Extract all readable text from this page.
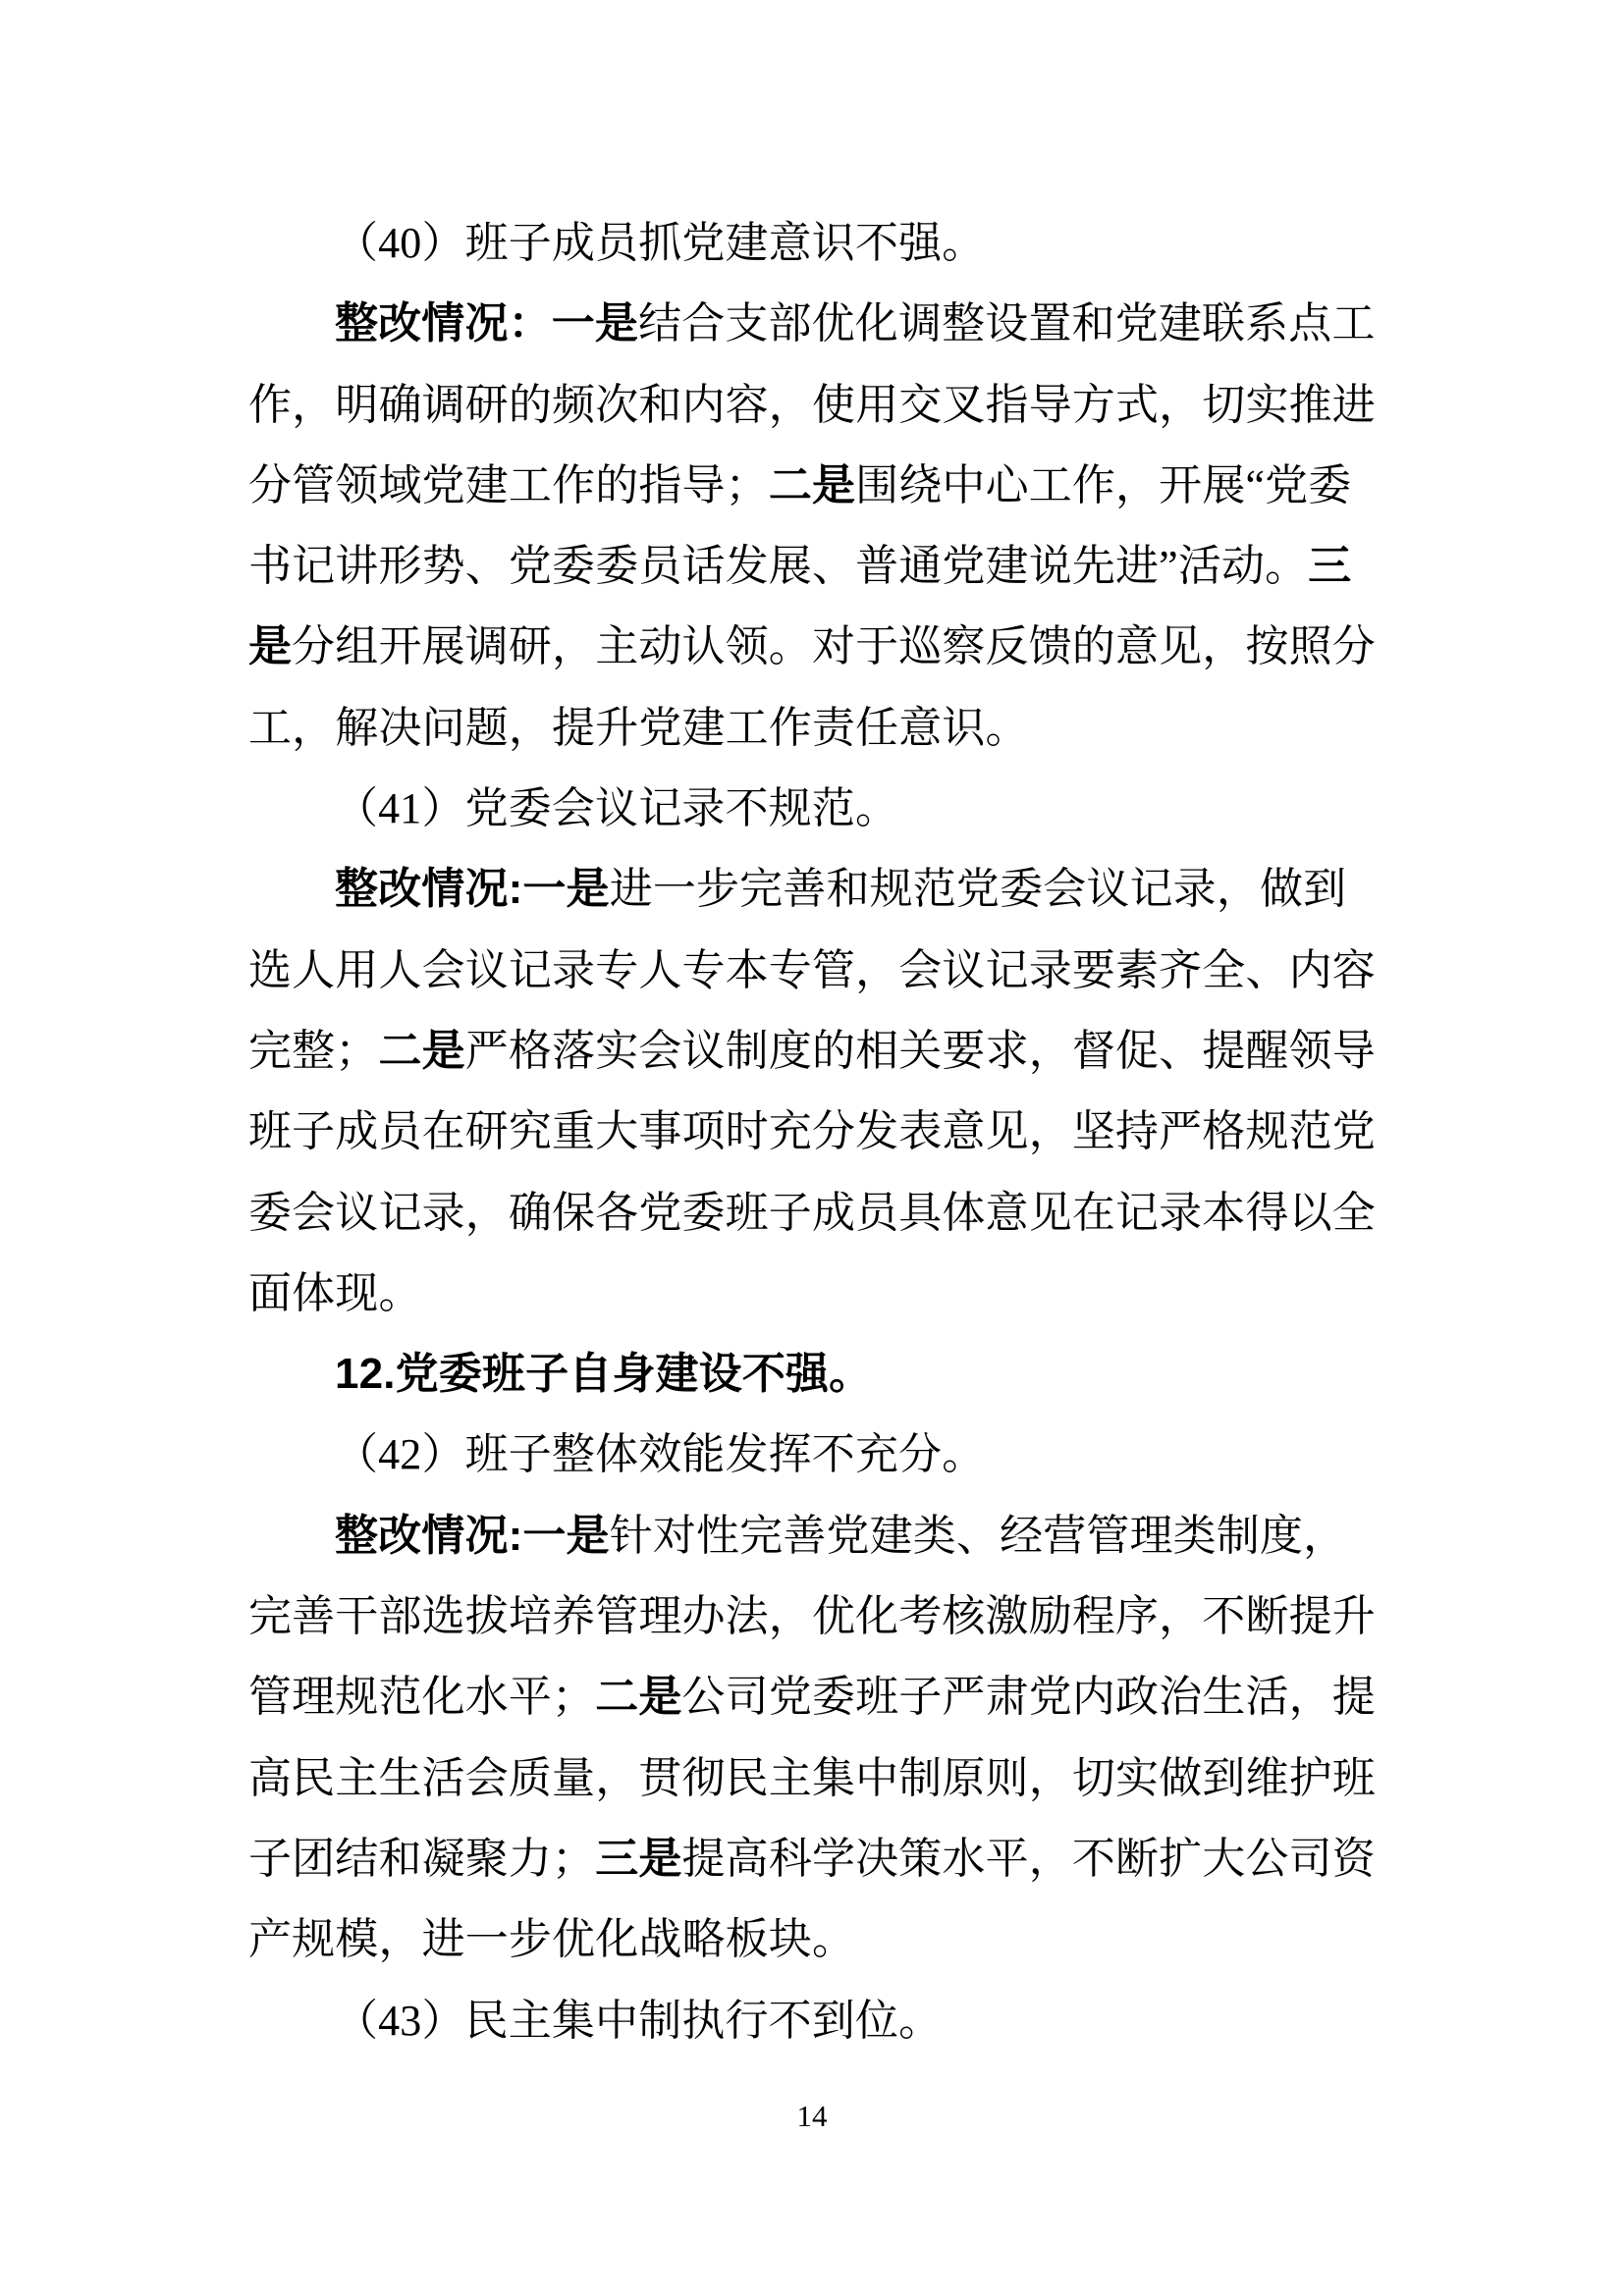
（40）班子成员抓党建意识不强。
整改情况：一是结合支部优化调整设置和党建联系点工
作，明确调研的频次和内容，使用交叉指导方式，切实推进
分管领域党建工作的指导；二是围绕中心工作，开展“党委
书记讲形势、党委委员话发展、普通党建说先进”活动。三
是分组开展调研，主动认领。对于巡察反馈的意见，按照分
工，解决问题，提升党建工作责任意识。
（41）党委会议记录不规范。
整改情况:一是进一步完善和规范党委会议记录，做到
选人用人会议记录专人专本专管，会议记录要素齐全、内容
完整；二是严格落实会议制度的相关要求，督促、提醒领导
班子成员在研究重大事项时充分发表意见，坚持严格规范党
委会议记录，确保各党委班子成员具体意见在记录本得以全
面体现。
12.党委班子自身建设不强。
（42）班子整体效能发挥不充分。
整改情况:一是针对性完善党建类、经营管理类制度，
完善干部选拔培养管理办法，优化考核激励程序，不断提升
管理规范化水平；二是公司党委班子严肃党内政治生活，提
高民主生活会质量，贯彻民主集中制原则，切实做到维护班
子团结和凝聚力；三是提高科学决策水平，不断扩大公司资
产规模，进一步优化战略板块。
（43）民主集中制执行不到位。
14
